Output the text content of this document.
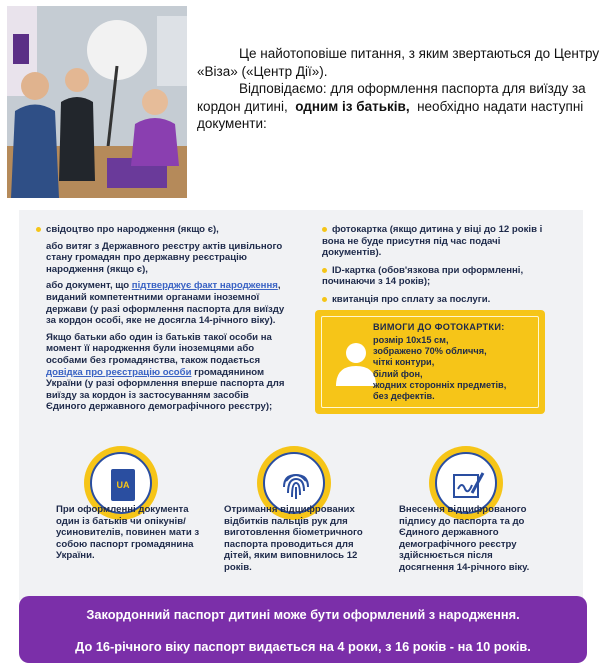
Це найотоповіше питання, з яким звертаються до Центру

«Віза» («Центр Дії»).

Відповідаємо: для оформлення паспорта для виїзду за

кордон дитині, одним із батьків, необхідно надати наступні

документи:

свідоцтво про народження (якщо є),

або витяг з Державного реєстру актів цивільного стану громадян про державну реєстрацію народження (якщо є),

або документ, що підтверджує факт народження, виданий компетентними органами іноземної держави (у разі оформлення паспорта для виїзду за кордон особі, яке не досягла 14-річного віку).

Якщо батьки або один із батьків такої особи на момент її народження були іноземцями або особами без громадянства, також подається довідка про реєстрацію особи громадянином України (у разі оформлення вперше паспорта для виїзду за кордон із застосуванням засобів Єдиного державного демографічного реєстру);

фотокартка (якщо дитина у віці до 12 років і вона не буде присутня під час подачі документів).

ID-картка (обов'язкова при оформленні, починаючи з 14 років);

квитанція про сплату за послуги.

ВИМОГИ ДО ФОТОКАРТКИ:
розмір 10х15 см,
зображено 70% обличчя,
чіткі контури,
білий фон,
жодних сторонніх предметів,
без дефектів.
UA
При оформленні документа один із батьків чи опікунів/ усиновителів, повинен мати з собою паспорт громадянина України.
Отримання відцифрованих відбитків пальців рук для виготовлення біометричного паспорта проводиться для дітей, яким виповнилось 12 років.
Внесення відцифрованого підпису до паспорта та до Єдиного державного демографічного реєстру здійснюється після досягнення 14-річного віку.
Закордонний паспорт дитині може бути оформлений з народження.
До 16-річного віку паспорт видається на 4 роки, з 16 років - на 10 років.
